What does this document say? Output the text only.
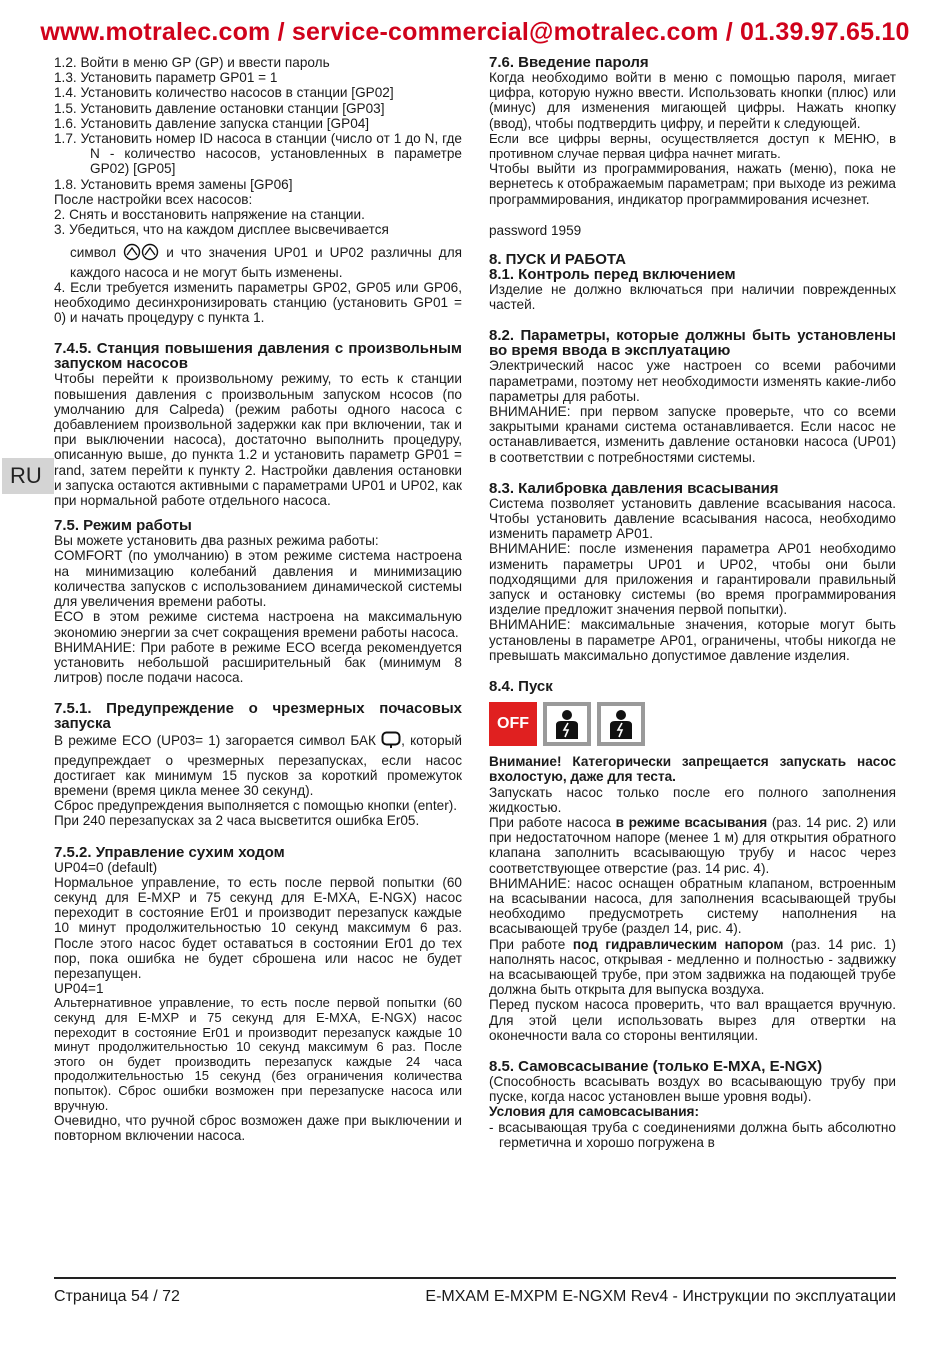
www.motralec.com / service-commercial@motralec.com / 01.39.97.65.10
RU
1.2. Войти в меню GP (GP) и ввести пароль
1.3. Установить параметр GP01 = 1
1.4. Установить количество насосов в станции [GP02]
1.5. Установить давление остановки станции [GP03]
1.6. Установить давление запуска станции [GP04]
1.7. Установить номер ID насоса в станции (число от 1 до N, где N - количество насосов, установленных в параметре GP02) [GP05]
1.8. Установить время замены [GP06]

После настройки всех насосов:

2. Снять и восстановить напряжение на станции.

3. Убедиться, что на каждом дисплее высвечивается

символ	и что значения UP01 и UP02 различны для каждого насоса и не могут быть изменены.

4. Если требуется изменить параметры GP02, GP05 или GP06, необходимо десинхронизировать станцию (установить GP01 = 0) и начать процедуру с пункта 1.

7.4.5. Станция повышения давления с произвольным запуском насосов

Чтобы перейти к произвольному режиму, то есть к станции повышения давления с произвольным запуском нсосов (по умолчанию для Calpeda) (режим работы одного насоса с добавлением произвольной задержки как при включении, так и при выключении насоса), достаточно выполнить процедуру, описанную выше, до пункта 1.2 и установить параметр GP01 = rand, затем перейти к пункту 2. Настройки давления остановки и запуска остаются активными с параметрами UP01 и UP02, как при нормальной работе отдельного насоса.

7.5. Режим работы

Вы можете установить два разных режима работы:

COMFORT (по умолчанию) в этом режиме система настроена на минимизацию колебаний давления и минимизацию количества запусков с использованием динамической системы для увеличения времени работы.

ECO в этом режиме система настроена на максимальную экономию энергии за счет сокращения времени работы насоса.

ВНИМАНИЕ: При работе в режиме ECO всегда рекомендуется установить небольшой расширительный бак (минимум 8 литров) после подачи насоса.

7.5.1. Предупреждение о чрезмерных почасовых запуска

В режиме ECO (UP03= 1) загорается символ БАК , который предупреждает о чрезмерных перезапусках, если насос достигает как минимум 15 пусков за короткий промежуток времени (время цикла менее 30 секунд).

Сброс предупреждения выполняется с помощью кнопки (enter).

При 240 перезапусках за 2 часа высветится ошибка Er05.

7.5.2. Управление сухим ходом

UP04=0 (default)

Нормальное управление, то есть после первой попытки (60 секунд для E-MXP и 75 секунд для E-MXA, E-NGX) насос переходит в состояние Er01 и производит перезапуск каждые 10 минут продолжительностью 10 секунд максимум 6 раз. После этого насос будет оставаться в состоянии Er01 до тех пор, пока ошибка не будет сброшена или насос не будет перезапущен.

UP04=1

Альтернативное управление, то есть после первой попытки (60 секунд для E-MXP и 75 секунд для E-MXA, E-NGX) насос переходит в состояние Er01 и производит перезапуск каждые 10 минут продолжительностью 10 секунд максимум 6 раз. После этого он будет производить перезапуск каждые 24 часа продолжительностью 15 секунд (без ограничения количества попыток). Сброс ошибки возможен при перезапуске насоса или вручную.

Очевидно, что ручной сброс возможен даже при выключении и повторном включении насоса.

7.6. Введение пароля

Когда необходимо войти в меню с помощью пароля, мигает цифра, которую нужно ввести. Использовать кнопки (плюс) или (минус) для изменения мигающей цифры. Нажать кнопку (ввод), чтобы подтвердить цифру, и перейти к следующей.

Если все цифры верны, осуществляется доступ к МЕНЮ, в противном случае первая цифра начнет мигать.

Чтобы выйти из программирования, нажать (меню), пока не вернетесь к отображаемым параметрам; при выходе из режима программирования, индикатор программирования исчезнет.

password 1959

8. ПУСК И РАБОТА
8.1. Контроль перед включением

Изделие не должно включаться при наличии поврежденных частей.

8.2. Параметры, которые должны быть установлены во время ввода в эксплуатацию

Электрический насос уже настроен со всеми рабочими параметрами, поэтому нет необходимости изменять какие-либо параметры для работы.

ВНИМАНИЕ: при первом запуске проверьте, что со всеми закрытыми кранами система останавливается. Если насос не останавливается, изменить давление остановки насоса (UP01) в соответствии с потребностями системы.

8.3. Калибровка давления всасывания

Система позволяет установить давление всасывания насоса. Чтобы установить давление всасывания насоса, необходимо изменить параметр AP01.

ВНИМАНИЕ: после изменения параметра AP01 необходимо изменить параметры UP01 и UP02, чтобы они были подходящими для приложения и гарантировали правильный запуск и остановку системы (во время программирования изделие предложит значения первой попытки).

ВНИМАНИЕ: максимальные значения, которые могут быть установлены в параметре AP01, ограничены, чтобы никогда не превышать максимально допустимое давление изделия.

8.4. Пуск
OFF

Внимание! Категорически запрещается запускать насос вхолостую, даже для теста.

Запускать насос только после его полного заполнения жидкостью.

При работе насоса в режиме всасывания (раз. 14 рис. 2) или при недостаточном напоре (менее 1 м) для открытия обратного клапана заполнить всасывающую трубу и насос через соответствующее отверстие (раз. 14 рис. 4).

ВНИМАНИЕ: насос оснащен обратным клапаном, встроенным на всасывании насоса, для заполнения всасывающей трубы необходимо предусмотреть систему наполнения на всасывающей трубе (раздел 14, рис. 4).

При работе под гидравлическим напором (раз. 14 рис. 1) наполнять насос, открывая - медленно и полностью - задвижку на всасывающей трубе, при этом задвижка на подающей трубе должна быть открыта для выпуска воздуха.

Перед пуском насоса проверить, что вал вращается вручную. Для этой цели использовать вырез для отвертки на оконечности вала со стороны вентиляции.

8.5. Самовсасывание (только E-MXA, E-NGX)

(Способность всасывать воздух во всасывающую трубу при пуске, когда насос установлен выше уровня воды).

Условия для самовсасывания:

- всасывающая труба с соединениями должна быть абсолютно герметична и хорошо погружена в

Страница 54 / 72	E-MXAM E-MXPM E-NGXM Rev4 - Инструкции по эксплуатации
